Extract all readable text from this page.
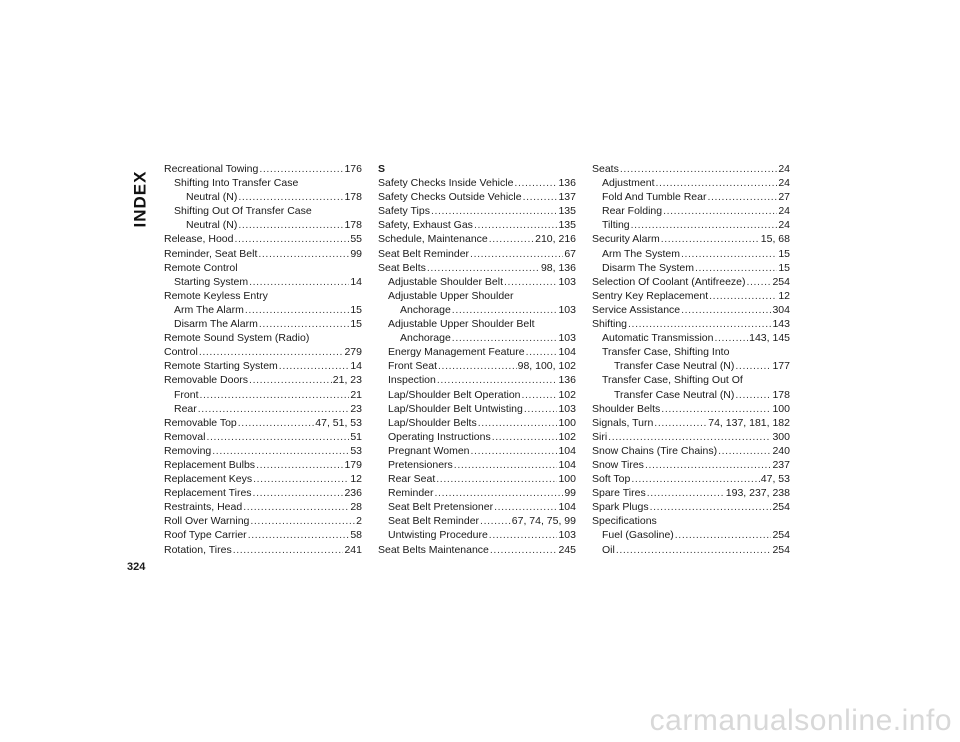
INDEX
Recreational Towing .....	176
Shifting Into Transfer Case
Neutral (N) .....	178
Shifting Out Of Transfer Case
Neutral (N) .....	178
Release, Hood .....	55
Reminder, Seat Belt .....	99
Remote Control
Starting System .....	14
Remote Keyless Entry
Arm The Alarm .....	15
Disarm The Alarm .....	15
Remote Sound System (Radio)
Control .....	279
Remote Starting System .....	14
Removable Doors .....	21, 23
Front .....	21
Rear .....	23
Removable Top .....	47, 51, 53
Removal .....	51
Removing .....	53
Replacement Bulbs .....	179
Replacement Keys .....	12
Replacement Tires .....	236
Restraints, Head .....	28
Roll Over Warning .....	2
Roof Type Carrier .....	58
Rotation, Tires .....	241
S
Safety Checks Inside Vehicle .....	136
Safety Checks Outside Vehicle .....	137
Safety Tips .....	135
Safety, Exhaust Gas .....	135
Schedule, Maintenance .....	210, 216
Seat Belt Reminder .....	67
Seat Belts .....	98, 136
Adjustable Shoulder Belt .....	103
Adjustable Upper Shoulder
Anchorage .....	103
Adjustable Upper Shoulder Belt
Anchorage .....	103
Energy Management Feature .....	104
Front Seat .....	98, 100, 102
Inspection .....	136
Lap/Shoulder Belt Operation .....	102
Lap/Shoulder Belt Untwisting .....	103
Lap/Shoulder Belts .....	100
Operating Instructions .....	102
Pregnant Women .....	104
Pretensioners .....	104
Rear Seat .....	100
Reminder .....	99
Seat Belt Pretensioner .....	104
Seat Belt Reminder .....	67, 74, 75, 99
Untwisting Procedure .....	103
Seat Belts Maintenance .....	245
Seats .....	24
Adjustment .....	24
Fold And Tumble Rear .....	27
Rear Folding .....	24
Tilting .....	24
Security Alarm .....	15, 68
Arm The System .....	15
Disarm The System .....	15
Selection Of Coolant (Antifreeze) .....	254
Sentry Key Replacement .....	12
Service Assistance .....	304
Shifting .....	143
Automatic Transmission .....	143, 145
Transfer Case, Shifting Into
Transfer Case Neutral (N) .....	177
Transfer Case, Shifting Out Of
Transfer Case Neutral (N) .....	178
Shoulder Belts .....	100
Signals, Turn .....	74, 137, 181, 182
Siri .....	300
Snow Chains (Tire Chains) .....	240
Snow Tires .....	237
Soft Top .....	47, 53
Spare Tires .....	193, 237, 238
Spark Plugs .....	254
Specifications
Fuel (Gasoline) .....	254
Oil .....	254
324
carmanualsonline.info
